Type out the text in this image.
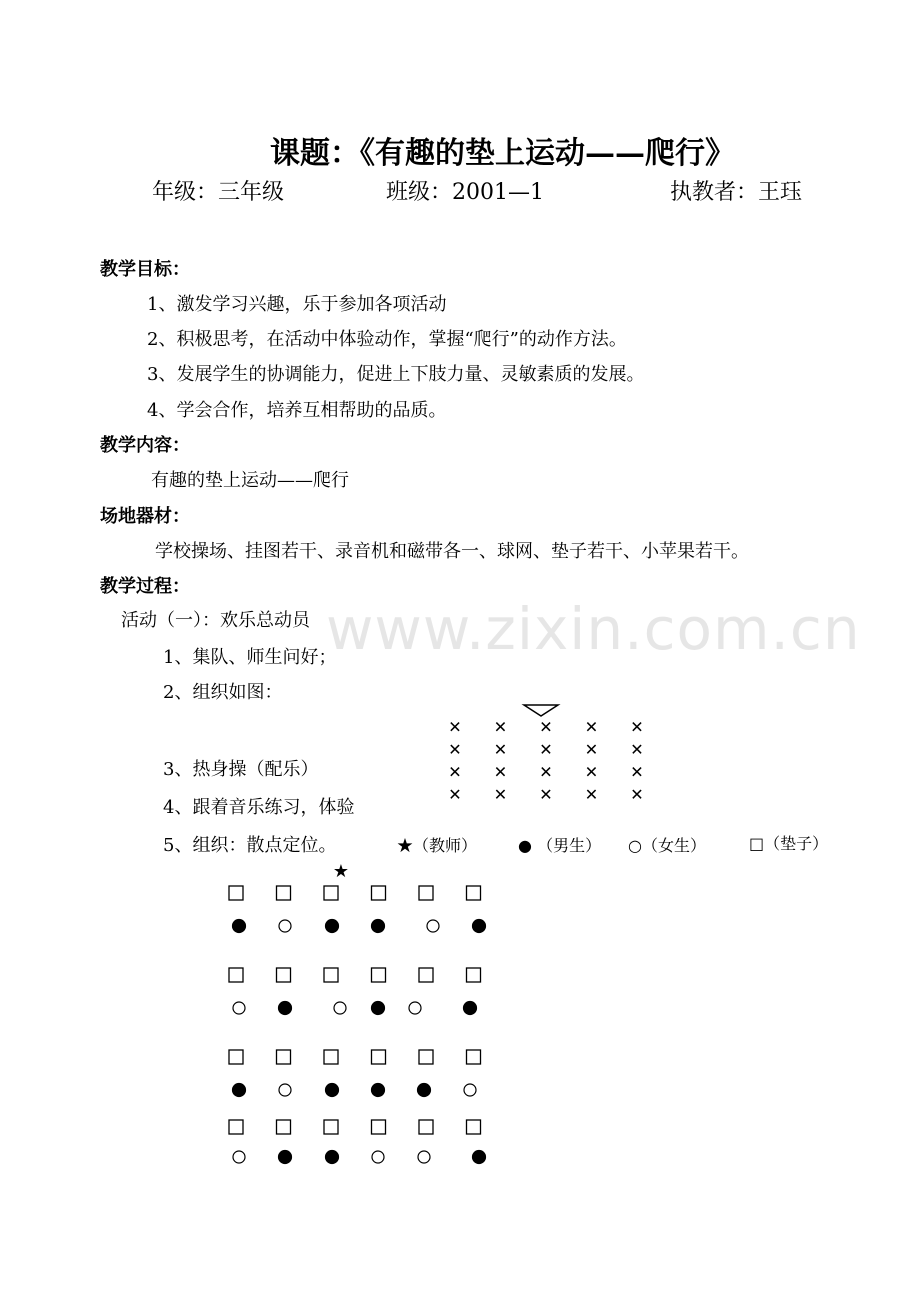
www.zixin.com.cn
课题：《有趣的垫上运动——爬行》
年级：三年级	班级：2001—1	执教者：王珏
教学目标：
1、激发学习兴趣，乐于参加各项活动
2、积极思考，在活动中体验动作，掌握“爬行”的动作方法。
3、发展学生的协调能力，促进上下肢力量、灵敏素质的发展。
4、学会合作，培养互相帮助的品质。
教学内容：
有趣的垫上运动——爬行
场地器材：
学校操场、挂图若干、录音机和磁带各一、球网、垫子若干、小苹果若干。
教学过程：
活动（一）：欢乐总动员
1、集队、师生问好；
2、组织如图：
3、热身操（配乐）
4、跟着音乐练习，体验
5、组织：散点定位。	★（教师）	● （男生） ○（女生）	□（垫子）
✕ ✕ ✕ ✕ ✕
✕ ✕ ✕ ✕ ✕
✕ ✕ ✕ ✕ ✕
✕ ✕ ✕ ✕ ✕
★
